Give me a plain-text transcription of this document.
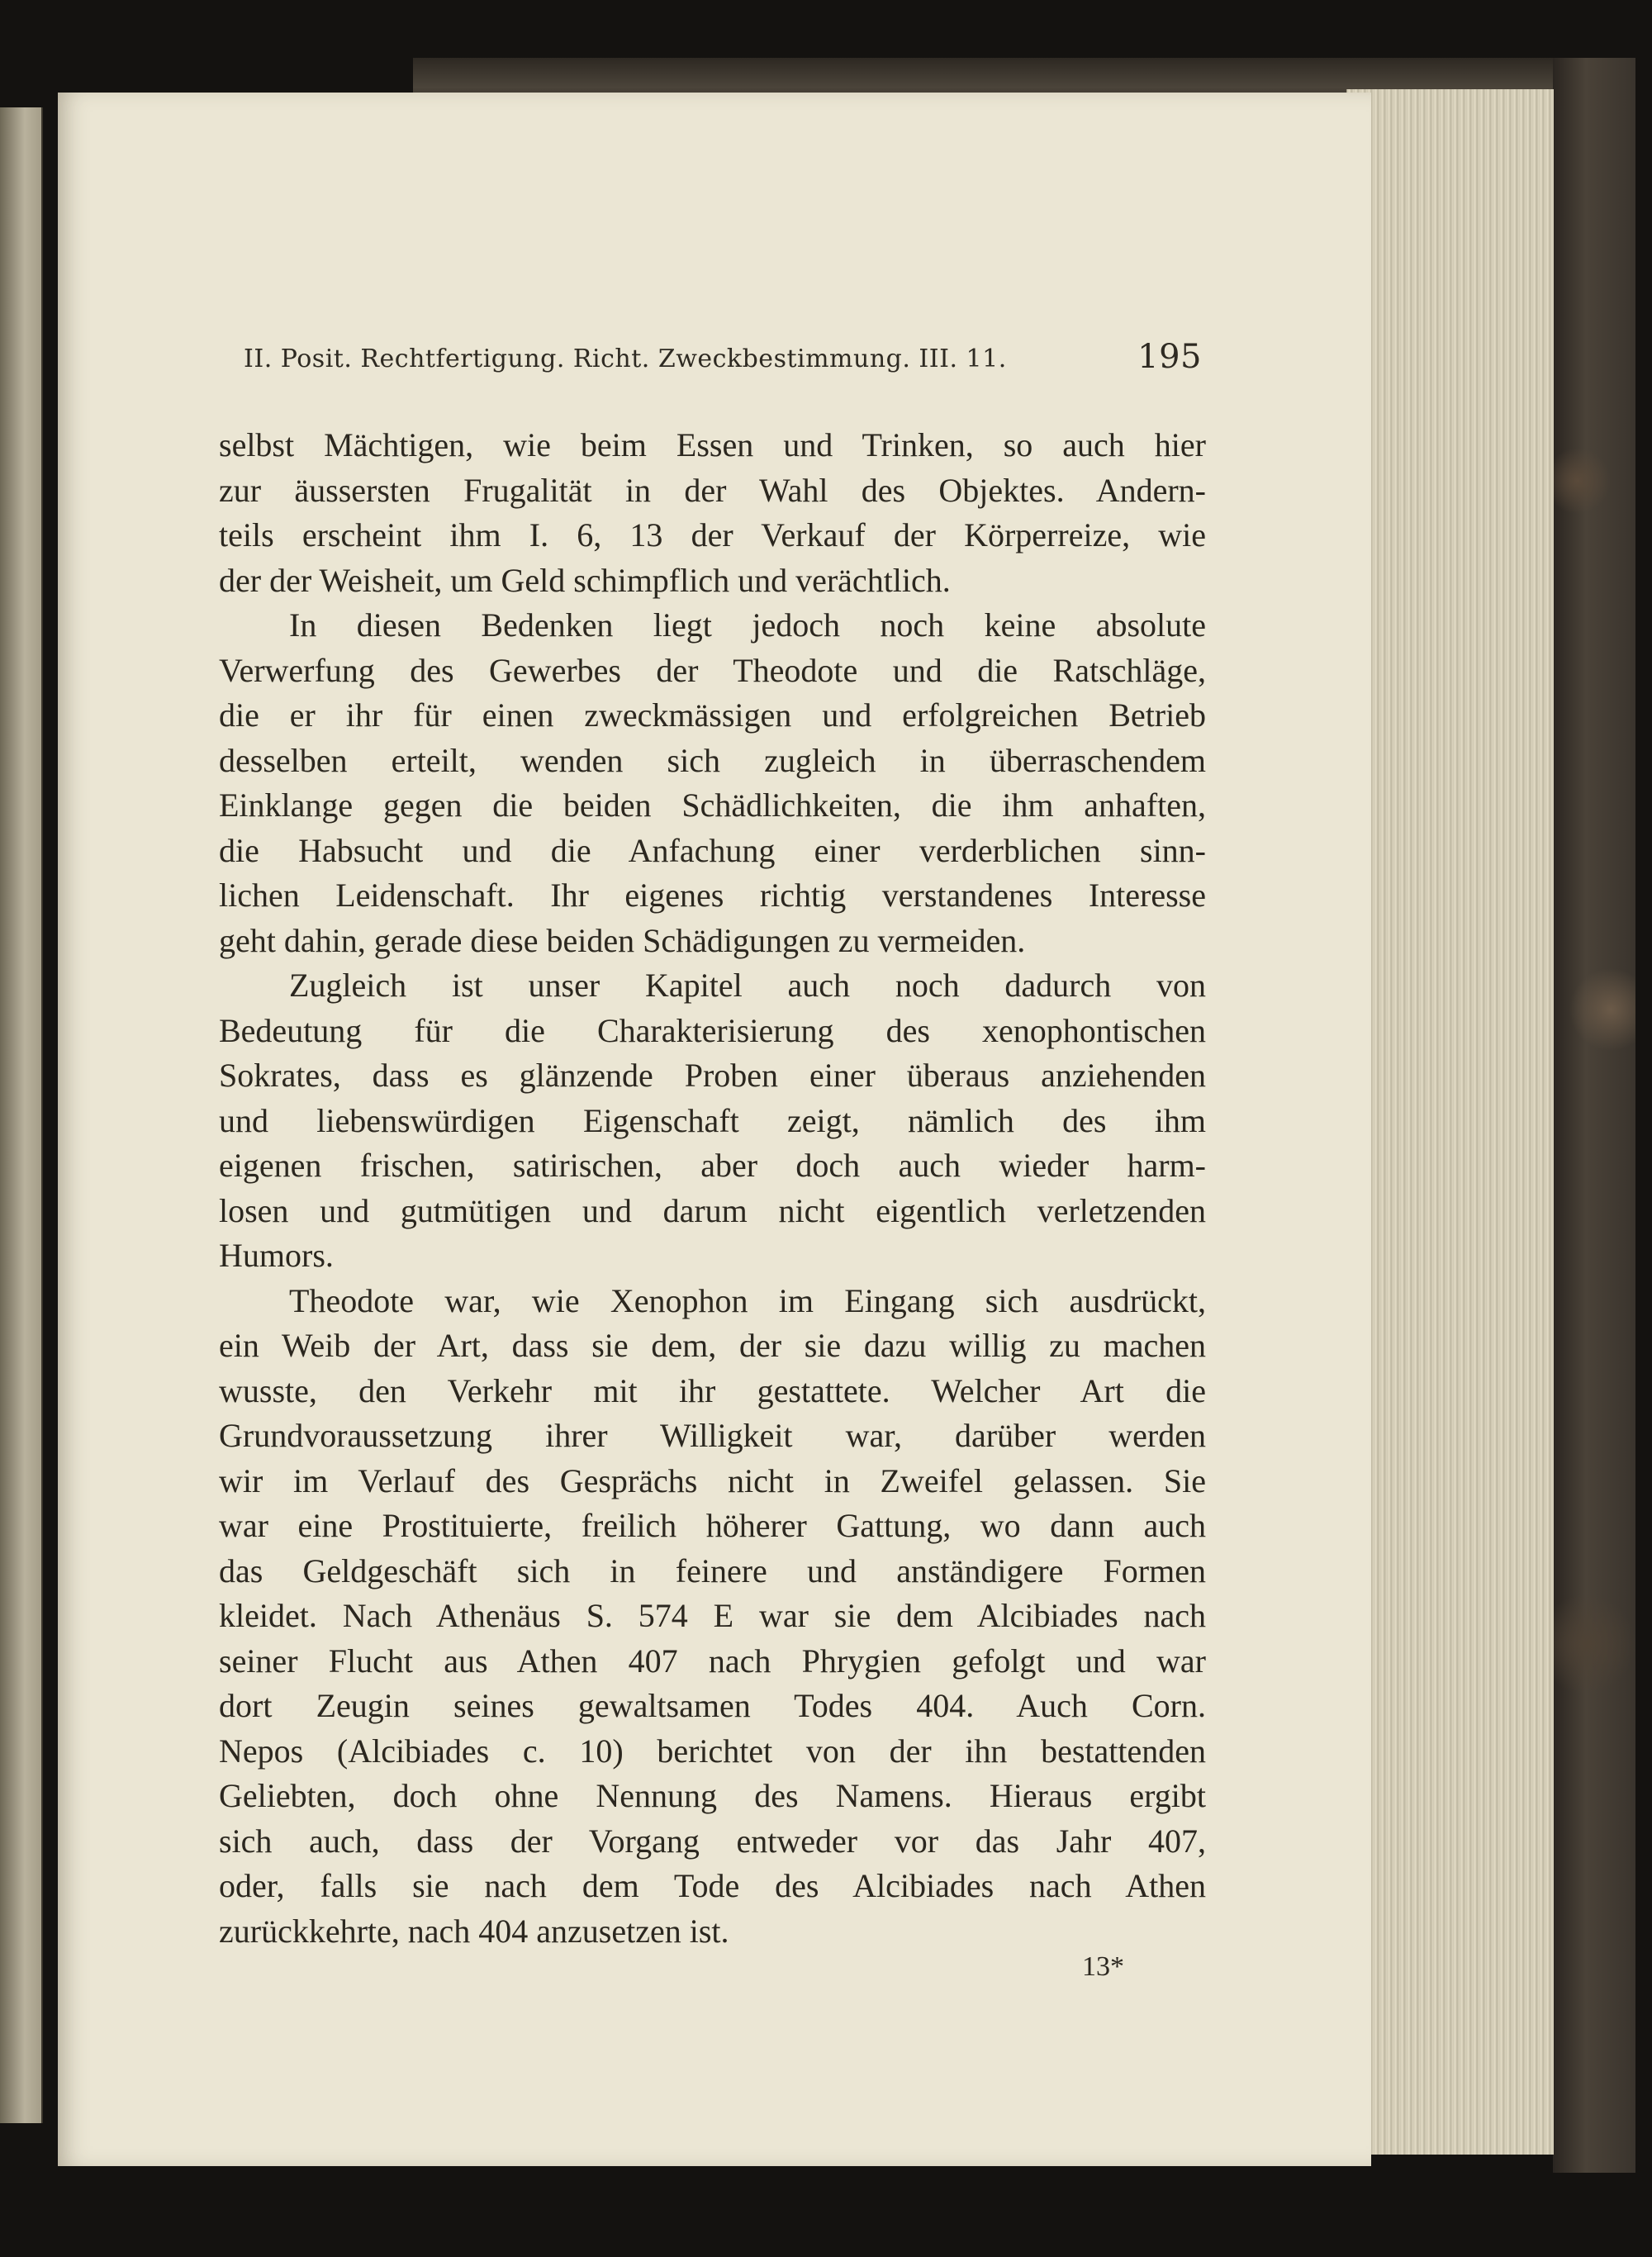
II. Posit. Rechtfertigung. Richt. Zweckbestimmung. III. 11.	195
selbst Mächtigen, wie beim Essen und Trinken, so auch hier
zur äussersten Frugalität in der Wahl des Objektes. Andern-
teils erscheint ihm I. 6, 13 der Verkauf der Körperreize, wie
der der Weisheit, um Geld schimpflich und verächtlich.
In diesen Bedenken liegt jedoch noch keine absolute
Verwerfung des Gewerbes der Theodote und die Ratschläge,
die er ihr für einen zweckmässigen und erfolgreichen Betrieb
desselben erteilt, wenden sich zugleich in überraschendem
Einklange gegen die beiden Schädlichkeiten, die ihm anhaften,
die Habsucht und die Anfachung einer verderblichen sinn-
lichen Leidenschaft. Ihr eigenes richtig verstandenes Interesse
geht dahin, gerade diese beiden Schädigungen zu vermeiden.
Zugleich ist unser Kapitel auch noch dadurch von
Bedeutung für die Charakterisierung des xenophontischen
Sokrates, dass es glänzende Proben einer überaus anziehenden
und liebenswürdigen Eigenschaft zeigt, nämlich des ihm
eigenen frischen, satirischen, aber doch auch wieder harm-
losen und gutmütigen und darum nicht eigentlich verletzenden
Humors.
Theodote war, wie Xenophon im Eingang sich ausdrückt,
ein Weib der Art, dass sie dem, der sie dazu willig zu machen
wusste, den Verkehr mit ihr gestattete. Welcher Art die
Grundvoraussetzung ihrer Willigkeit war, darüber werden
wir im Verlauf des Gesprächs nicht in Zweifel gelassen. Sie
war eine Prostituierte, freilich höherer Gattung, wo dann auch
das Geldgeschäft sich in feinere und anständigere Formen
kleidet. Nach Athenäus S. 574 E war sie dem Alcibiades nach
seiner Flucht aus Athen 407 nach Phrygien gefolgt und war
dort Zeugin seines gewaltsamen Todes 404. Auch Corn.
Nepos (Alcibiades c. 10) berichtet von der ihn bestattenden
Geliebten, doch ohne Nennung des Namens. Hieraus ergibt
sich auch, dass der Vorgang entweder vor das Jahr 407,
oder, falls sie nach dem Tode des Alcibiades nach Athen
zurückkehrte, nach 404 anzusetzen ist.
13*
